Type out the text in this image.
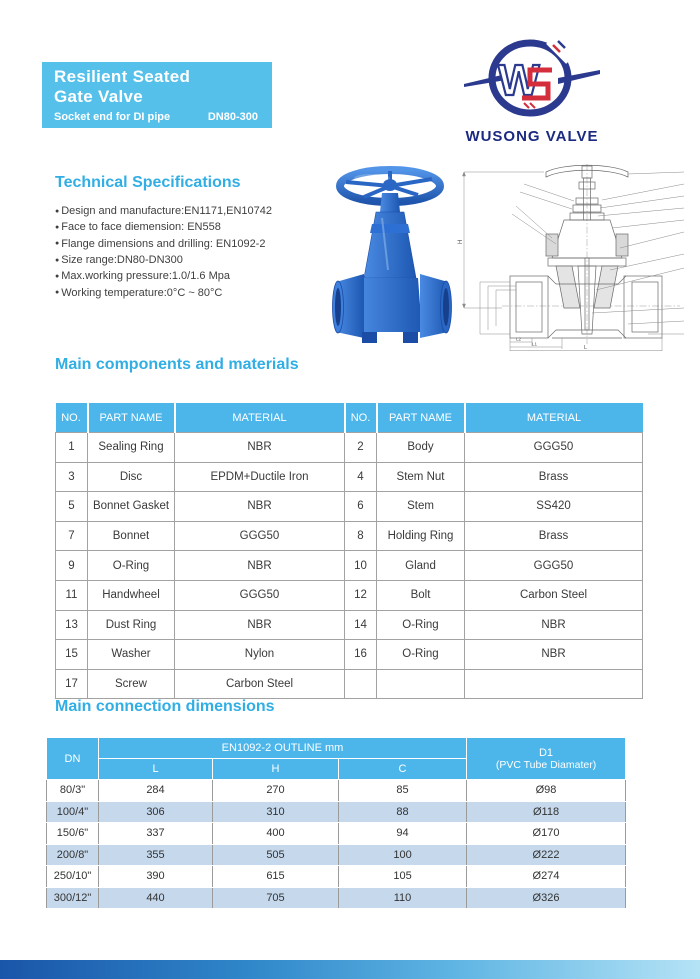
Resilient Seated
Gate Valve
Socket end for DI pipe	DN80-300
W
WUSONG VALVE
Technical Specifications
● Design and manufacture:EN1171,EN10742
● Face to face diemension: EN558
● Flange dimensions and drilling: EN1092-2
● Size range:DN80-DN300
● Max.working pressure:1.0/1.6 Mpa
● Working temperature:0°C ~ 80°C
H
L2
L1
L
Main components and materials
NO.	PART NAME	MATERIAL	NO.	PART NAME	MATERIAL
1	Sealing Ring	NBR	2	Body	GGG50
3	Disc	EPDM+Ductile Iron	4	Stem Nut	Brass
5	Bonnet Gasket	NBR	6	Stem	SS420
7	Bonnet	GGG50	8	Holding Ring	Brass
9	O-Ring	NBR	10	Gland	GGG50
11	Handwheel	GGG50	12	Bolt	Carbon Steel
13	Dust Ring	NBR	14	O-Ring	NBR
15	Washer	Nylon	16	O-Ring	NBR
17	Screw	Carbon Steel			
Main connection dimensions
DN	EN1092-2 OUTLINE mm			D1
(PVC Tube Diamater)

	L	H	C	
80/3"	284	270	85	Ø98
100/4"	306	310	88	Ø118
150/6"	337	400	94	Ø170
200/8"	355	505	100	Ø222
250/10"	390	615	105	Ø274
300/12"	440	705	110	Ø326
